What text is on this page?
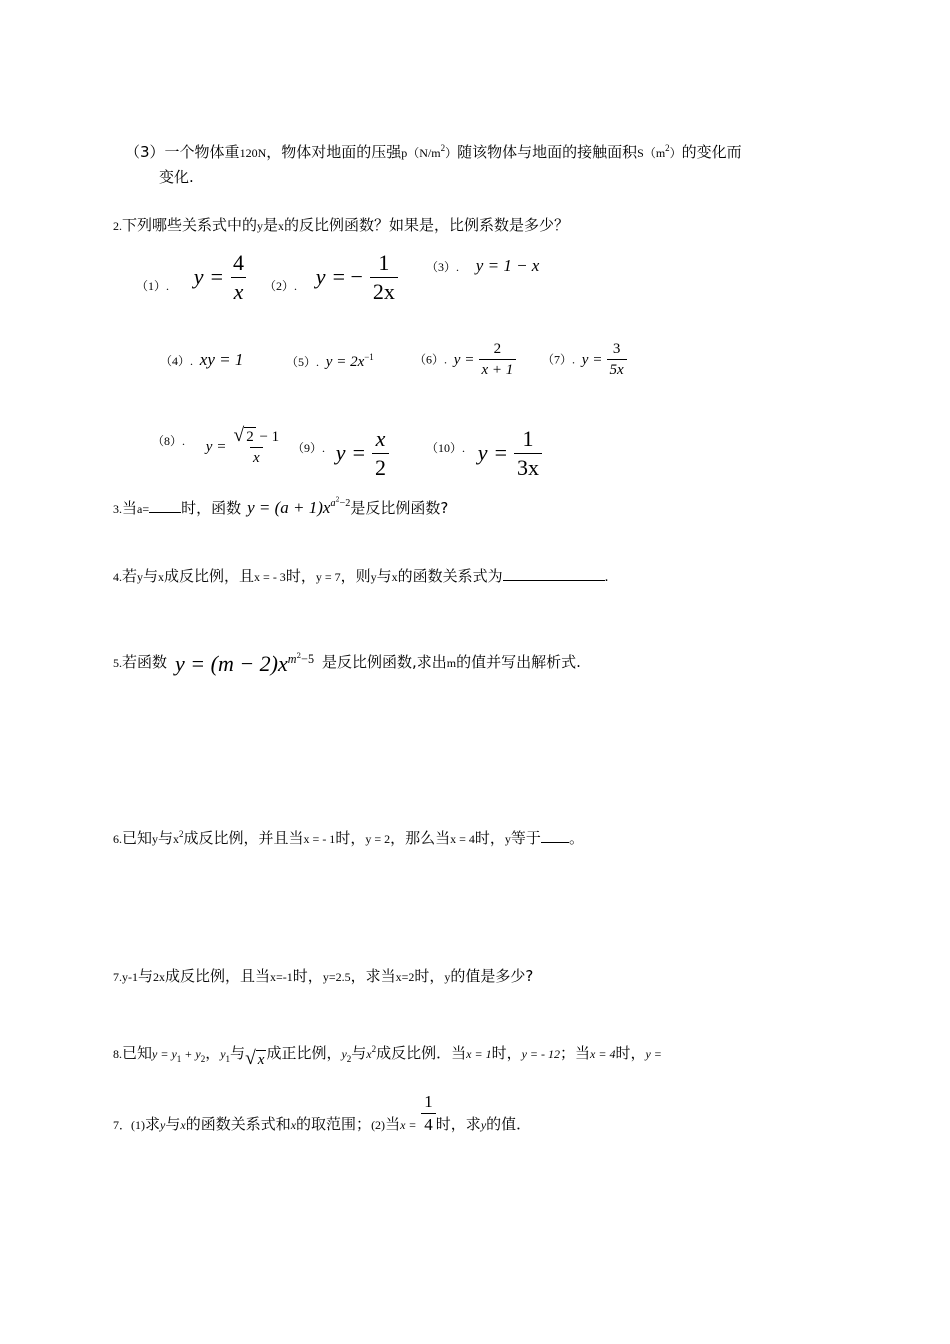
（3）一个物体重120N，物体对地面的压强$p(N/m^2)$随该物体与地面的接触面积$S(m^2)$的变化而
变化.
2.下列哪些关系式中的y是x的反比例函数？如果是，比例系数是多少？
$_{(1).}$ $y = \frac{4}{x} _{(2).}$ y = − $\frac{1}{2x} (3)$. y = 1 − x
（4）. xy = 1	（5）. $y = 2x^{-1}$	（6）. $y = \frac{2}{x + 1} (7)$. $y = \frac{3}{5x}$
$^{(8).}$ $y = \frac{√ 2 - 1}{x} ^{(9).}$ $y = \frac{x}{2}$	$^{(10).}$ $y = \frac{1}{3x}$
3.当a= 时，函数 $y = (a + 1)x^{a^2-2}$是反比例函数?
4.若y与x成反比例，且x = - 3时，y = 7，则y与x的函数关系式为	.
5.若函数 $y = (m - 2)x^{m^2-5}$ 是反比例函数,求出m的值并写出解析式.
6.已知y与$x^2$成反比例，并且当x = - 1时，y = 2，那么当x = 4时，y等于 。
7.y-1与2x成反比例，且当x=-1时，y=2.5，求当x=2时，y的值是多少?
8.已知$y = y_1 + y_2$，$y_1$与 √ x 成正比例，$y_2$与$x^2$成反比例．当x = 1时，y = - 12；当x = 4时，y =
$_{7.(1)}$求$_y$与$_x$的函数关系式和$_x$的取范围；$_{(2)}$当$_{x =} \frac{1}{4}$ 时，求$_y$的值．
